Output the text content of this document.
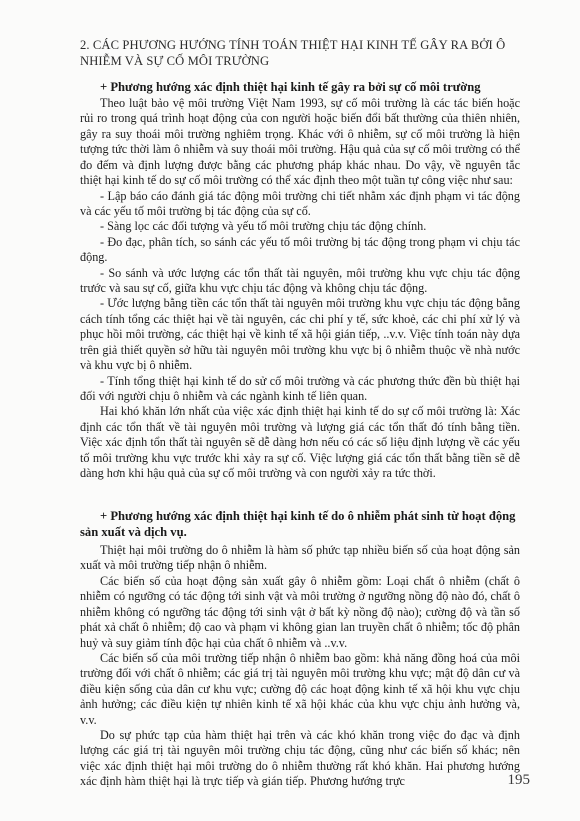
2. CÁC PHƯƠNG HƯỚNG TÍNH TOÁN THIỆT HẠI KINH TẾ GÂY RA BỞI Ô NHIỄM VÀ SỰ CỐ MÔI TRƯỜNG
+ Phương hướng xác định thiệt hại kinh tế gây ra bởi sự cố môi trường

Theo luật bảo vệ môi trường Việt Nam 1993, sự cố môi trường là các tác biến hoặc rủi ro trong quá trình hoạt động của con người hoặc biến đổi bất thường của thiên nhiên, gây ra suy thoái môi trường nghiêm trọng. Khác với ô nhiễm, sự cố môi trường là hiện tượng tức thời làm ô nhiễm và suy thoái môi trường. Hậu quả của sự cố môi trường có thể đo đếm và định lượng được bằng các phương pháp khác nhau. Do vậy, về nguyên tắc thiệt hại kinh tế do sự cố môi trường có thể xác định theo một tuần tự công việc như sau:

- Lập báo cáo đánh giá tác động môi trường chi tiết nhằm xác định phạm vi tác động và các yếu tố môi trường bị tác động của sự cố.

- Sàng lọc các đối tượng và yếu tố môi trường chịu tác động chính.

- Đo đạc, phân tích, so sánh các yếu tố môi trường bị tác động trong phạm vi chịu tác động.

- So sánh và ước lượng các tổn thất tài nguyên, môi trường khu vực chịu tác động trước và sau sự cố, giữa khu vực chịu tác động và không chịu tác động.

- Ước lượng bằng tiền các tổn thất tài nguyên môi trường khu vực chịu tác động bằng cách tính tổng các thiệt hại về tài nguyên, các chi phí y tế, sức khoẻ, các chi phí xử lý và phục hồi môi trường, các thiệt hại về kinh tế xã hội gián tiếp, ..v.v. Việc tính toán này dựa trên giả thiết quyền sở hữu tài nguyên môi trường khu vực bị ô nhiễm thuộc về nhà nước và khu vực bị ô nhiễm.

- Tính tổng thiệt hại kinh tế do sử cố môi trường và các phương thức đền bù thiệt hại đối với người chịu ô nhiễm và các ngành kinh tế liên quan.

Hai khó khăn lớn nhất của việc xác định thiệt hại kinh tế do sự cố môi trường là: Xác định các tổn thất về tài nguyên môi trường và lượng giá các tổn thất đó tính bằng tiền. Việc xác định tổn thất tài nguyên sẽ dễ dàng hơn nếu có các số liệu định lượng về các yếu tố môi trường khu vực trước khi xảy ra sự cố. Việc lượng giá các tổn thất bằng tiền sẽ dễ dàng hơn khi hậu quả của sự cố môi trường và con người xảy ra tức thời.

+ Phương hướng xác định thiệt hại kinh tế do ô nhiễm phát sinh từ hoạt động sản xuất và dịch vụ.

Thiệt hại môi trường do ô nhiễm là hàm số phức tạp nhiều biến số của hoạt động sản xuất và môi trường tiếp nhận ô nhiễm.

Các biến số của hoạt động sản xuất gây ô nhiễm gồm: Loại chất ô nhiễm (chất ô nhiễm có ngưỡng có tác động tới sinh vật và môi trường ở ngưỡng nồng độ nào đó, chất ô nhiễm không có ngưỡng tác động tới sinh vật ở bất kỳ nồng độ nào); cường độ và tần số phát xả chất ô nhiễm; độ cao và phạm vi không gian lan truyền chất ô nhiễm; tốc độ phân huỷ và suy giảm tính độc hại của chất ô nhiễm và ..v.v.

Các biến số của môi trường tiếp nhận ô nhiễm bao gồm: khả năng đồng hoá của môi trường đối với chất ô nhiễm; các giá trị tài nguyên môi trường khu vực; mật độ dân cư và điều kiện sống của dân cư khu vực; cường độ các hoạt động kinh tế xã hội khu vực chịu ảnh hưởng; các điều kiện tự nhiên kinh tế xã hội khác của khu vực chịu ảnh hưởng và, v.v.

Do sự phức tạp của hàm thiệt hại trên và các khó khăn trong việc đo đạc và định lượng các giá trị tài nguyên môi trường chịu tác động, cũng như các biến số khác; nên việc xác định thiệt hại môi trường do ô nhiễm thường rất khó khăn. Hai phương hướng xác định hàm thiệt hại là trực tiếp và gián tiếp. Phương hướng trực	195
